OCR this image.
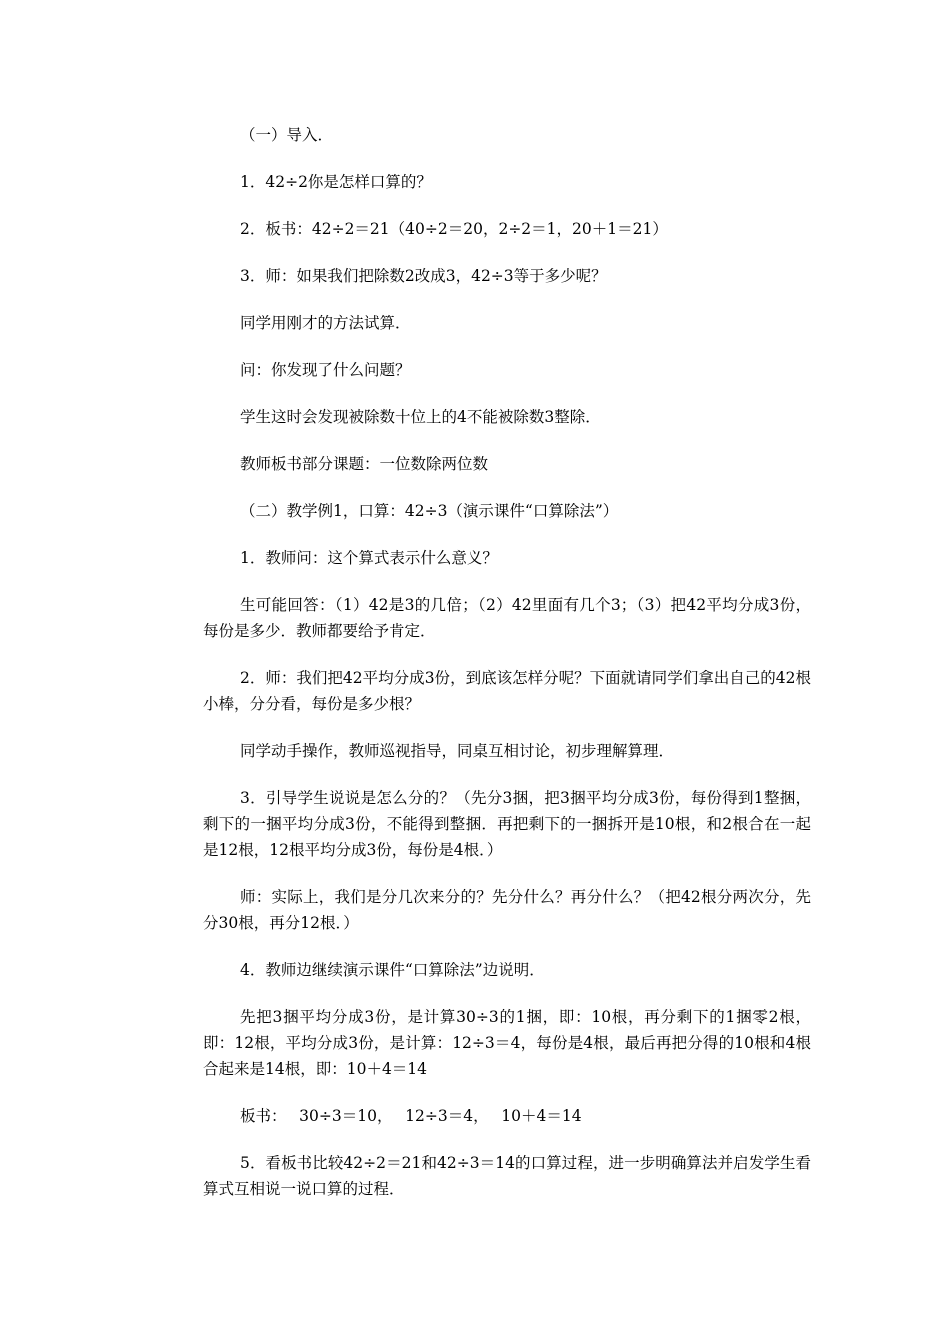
（一）导入．

1．42÷2你是怎样口算的？

2．板书：42÷2＝21（40÷2＝20，2÷2＝1，20＋1＝21）

3．师：如果我们把除数2改成3，42÷3等于多少呢？

同学用刚才的方法试算．

问：你发现了什么问题？

学生这时会发现被除数十位上的4不能被除数3整除．

教师板书部分课题：一位数除两位数

（二）教学例1，口算：42÷3（演示课件“口算除法”）

1．教师问：这个算式表示什么意义？

生可能回答：（1）42是3的几倍；（2）42里面有几个3；（3）把42平均分成3份，每份是多少．教师都要给予肯定．

2．师：我们把42平均分成3份，到底该怎样分呢？下面就请同学们拿出自己的42根小棒，分分看，每份是多少根？

同学动手操作，教师巡视指导，同桌互相讨论，初步理解算理．

3．引导学生说说是怎么分的？（先分3捆，把3捆平均分成3份，每份得到1整捆，剩下的一捆平均分成3份，不能得到整捆．再把剩下的一捆拆开是10根，和2根合在一起是12根，12根平均分成3份，每份是4根．）

师：实际上，我们是分几次来分的？先分什么？再分什么？（把42根分两次分，先分30根，再分12根．）

4．教师边继续演示课件“口算除法”边说明．

先把3捆平均分成3份，是计算30÷3的1捆，即：10根，再分剩下的1捆零2根，即：12根，平均分成3份，是计算：12÷3＝4，每份是4根，最后再把分得的10根和4根合起来是14根，即：10＋4＝14

板书：　 30÷3＝10，　 12÷3＝4，　 10＋4＝14

5．看板书比较42÷2＝21和42÷3＝14的口算过程，进一步明确算法并启发学生看算式互相说一说口算的过程．
